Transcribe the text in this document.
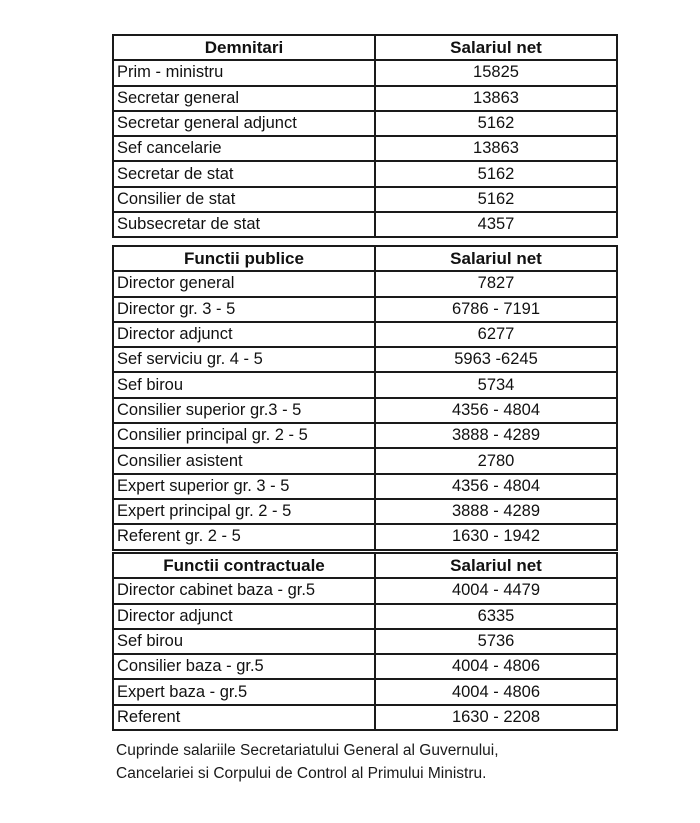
Demnitari	Salariul net
Prim - ministru	15825
Secretar general	13863
Secretar general adjunct	5162
Sef cancelarie	13863
Secretar de stat	5162
Consilier de stat	5162
Subsecretar de stat	4357
Functii publice	Salariul net
Director general	7827
Director gr. 3 - 5	6786 - 7191
Director adjunct	6277
Sef serviciu gr. 4 - 5	5963 -6245
Sef birou	5734
Consilier superior gr.3 - 5	4356 - 4804
Consilier principal gr. 2 - 5	3888 - 4289
Consilier asistent	2780
Expert superior gr. 3 - 5	4356 - 4804
Expert principal gr. 2 - 5	3888 - 4289
Referent gr. 2 - 5	1630 - 1942
Functii contractuale	Salariul net
Director cabinet baza - gr.5	4004 - 4479
Director adjunct	6335
Sef birou	5736
Consilier baza - gr.5	4004 - 4806
Expert baza - gr.5	4004 - 4806
Referent	1630 - 2208
Cuprinde salariile Secretariatului General al Guvernului,
Cancelariei si Corpului de Control al Primului Ministru.
